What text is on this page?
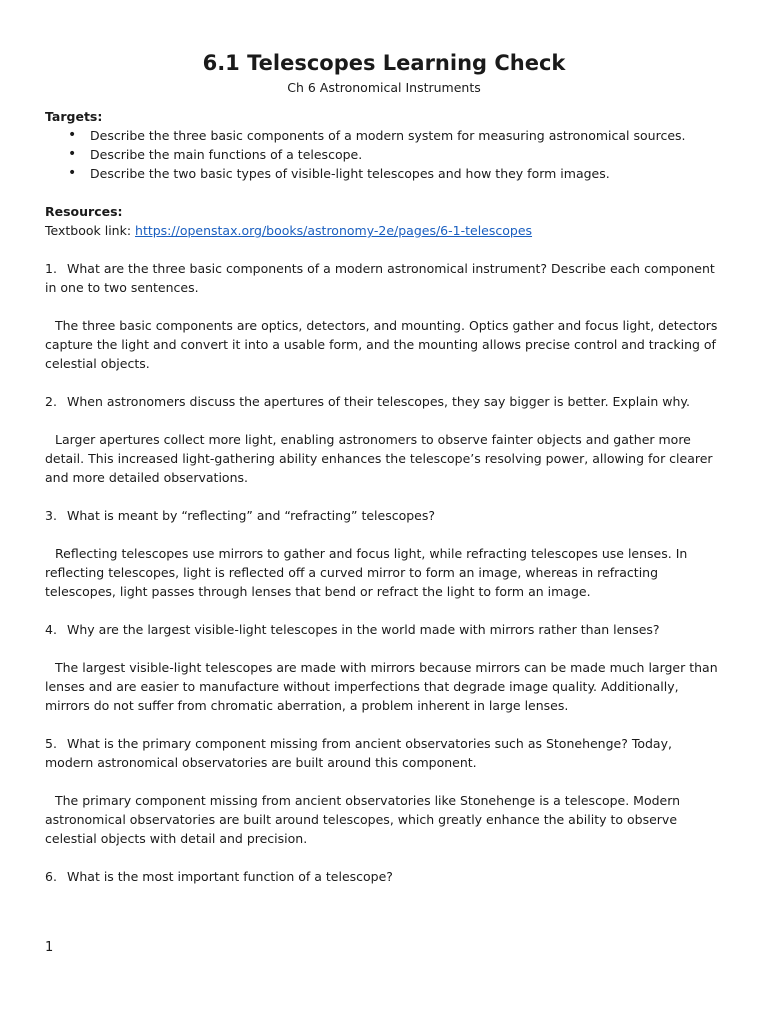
6.1 Telescopes Learning Check
Ch 6 Astronomical Instruments
Targets:
• Describe the three basic components of a modern system for measuring astronomical sources.
• Describe the main functions of a telescope.
• Describe the two basic types of visible-light telescopes and how they form images.
Resources:
Textbook link: https://openstax.org/books/astronomy-2e/pages/6-1-telescopes
1. What are the three basic components of a modern astronomical instrument? Describe each component in one to two sentences.
The three basic components are optics, detectors, and mounting. Optics gather and focus light, detectors capture the light and convert it into a usable form, and the mounting allows precise control and tracking of celestial objects.
2. When astronomers discuss the apertures of their telescopes, they say bigger is better. Explain why.
Larger apertures collect more light, enabling astronomers to observe fainter objects and gather more detail. This increased light-gathering ability enhances the telescope’s resolving power, allowing for clearer and more detailed observations.
3. What is meant by “reflecting” and “refracting” telescopes?
Reflecting telescopes use mirrors to gather and focus light, while refracting telescopes use lenses. In reflecting telescopes, light is reflected off a curved mirror to form an image, whereas in refracting telescopes, light passes through lenses that bend or refract the light to form an image.
4. Why are the largest visible-light telescopes in the world made with mirrors rather than lenses?
The largest visible-light telescopes are made with mirrors because mirrors can be made much larger than lenses and are easier to manufacture without imperfections that degrade image quality. Additionally, mirrors do not suffer from chromatic aberration, a problem inherent in large lenses.
5. What is the primary component missing from ancient observatories such as Stonehenge? Today, modern astronomical observatories are built around this component.
The primary component missing from ancient observatories like Stonehenge is a telescope. Modern astronomical observatories are built around telescopes, which greatly enhance the ability to observe celestial objects with detail and precision.
6. What is the most important function of a telescope?
1
